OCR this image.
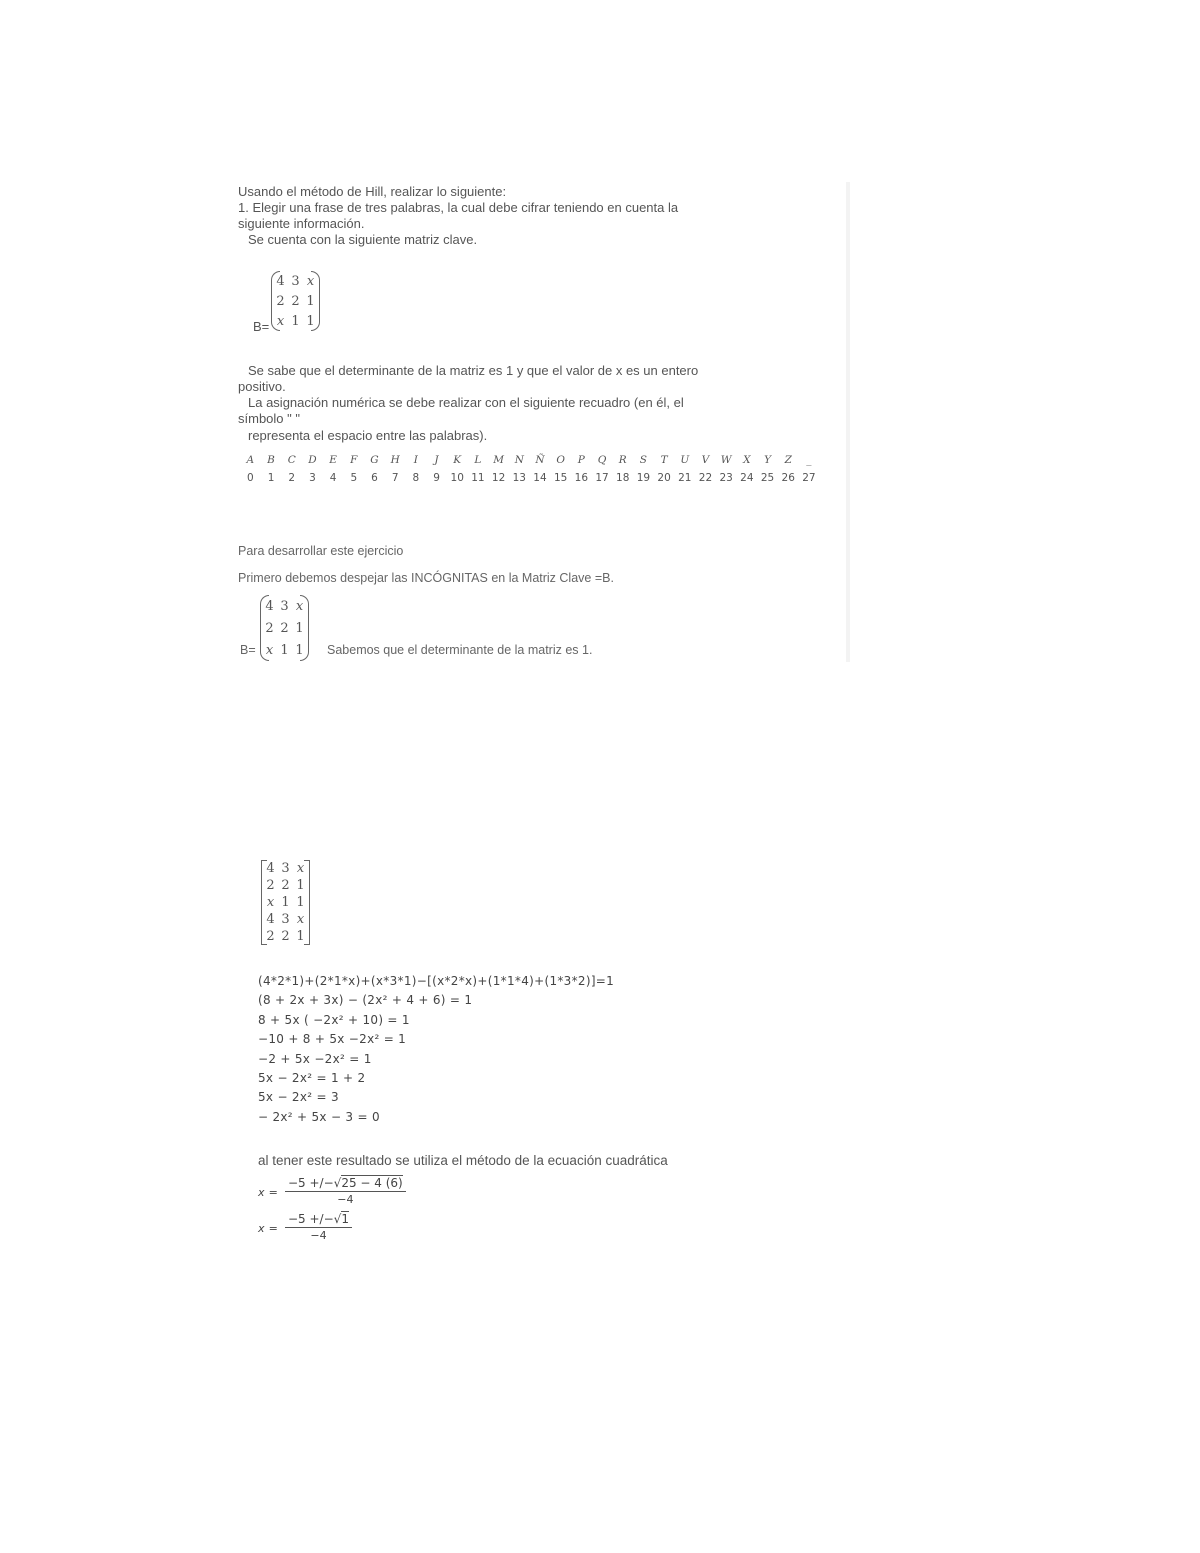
Usando el método de Hill, realizar lo siguiente:
1. Elegir una frase de tres palabras, la cual debe cifrar teniendo en cuenta la
siguiente información.
Se cuenta con la siguiente matriz clave.
B=
4	3	x
2	2	1
x	1	1
Se sabe que el determinante de la matriz es 1 y que el valor de x es un entero
positivo.
La asignación numérica se debe realizar con el siguiente recuadro (en él, el
símbolo " "
representa el espacio entre las palabras).
A	B	C	D	E	F	G	H	I	J	K	L	M	N	Ñ	O	P	Q	R	S	T	U	V	W	X	Y	Z	_
0	1	2	3	4	5	6	7	8	9	10	11	12	13	14	15	16	17	18	19	20	21	22	23	24	25	26	27
Para desarrollar este ejercicio
Primero debemos despejar las INCÓGNITAS en la Matriz Clave =B.
B=
4	3	x
2	2	1
x	1	1 Sabemos que el determinante de la matriz es 1.
4	3	x
2	2	1
x	1	1
4	3	x
2	2	1
(4*2*1)+(2*1*x)+(x*3*1)−[(x*2*x)+(1*1*4)+(1*3*2)]=1
(8 + 2x + 3x) − (2x² + 4 + 6) = 1
8 + 5x ( −2x² + 10) = 1
−10 + 8 + 5x −2x² = 1
−2 + 5x −2x² = 1
5x − 2x² = 1 + 2
5x − 2x² = 3
− 2x² + 5x − 3 = 0
al tener este resultado se utiliza el método de la ecuación cuadrática
$x = \frac{-5 +/-√25 - 4 (6)}{-4}$
$x = \frac{-5 +/-√1}{-4}$
